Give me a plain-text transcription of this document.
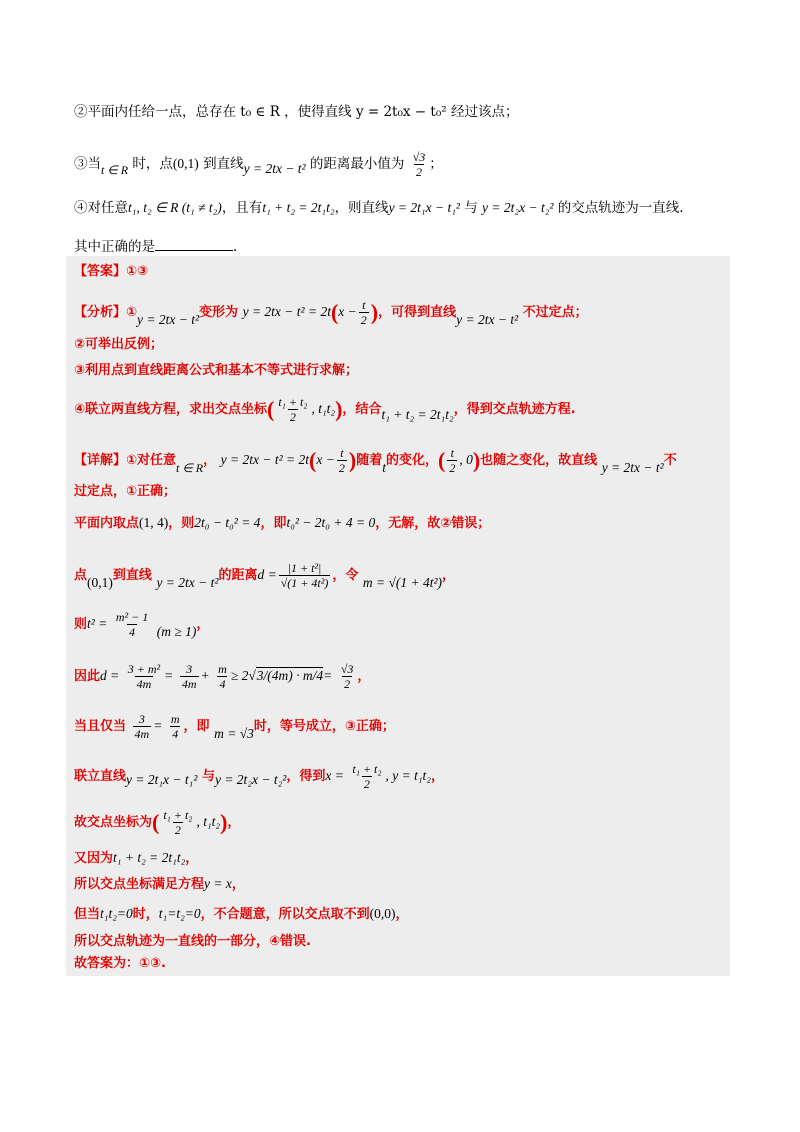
②平面内任给一点，总存在 t₀ ∈ R ，使得直线 y = 2t₀x − t₀² 经过该点；
③当t ∈ R 时，点(0,1) 到直线y = 2tx − t² 的距离最小值为 $\frac{√3}{2}$ ；
④对任意t₁, t₂ ∈ R (t₁ ≠ t₂)，且有t₁ + t₂ = 2t₁t₂，则直线y = 2t₁x − t₁² 与 y = 2t₂x − t₂² 的交点轨迹为一直线.
其中正确的是	.
【答案】①③
【分析】①y = 2tx − t²变形为 $y = 2tx - t^2 = 2t(x - \frac{t}{2}$ )，可得到直线y = 2tx − t² 不过定点；
②可举出反例；
③利用点到直线距离公式和基本不等式进行求解；
④联立两直线方程，求出交点坐标( $\frac{\text{t₁ + t₂}}{2}$ , t₁t₂)，结合t₁ + t₂ = 2t₁t₂，得到交点轨迹方程.
【详解】①对任意t ∈ R， $y = 2tx - t^2 = 2t(x - \frac{t}{2}$ )随着t的变化，( $\frac{t}{2}$ , 0)也随之变化，故直线 y = 2tx − t²不
过定点，①正确；
平面内取点(1, 4)，则2t₀ − t₀² = 4，即t₀² − 2t₀ + 4 = 0，无解，故②错误；
点(0,1)到直线 y = 2tx − t²的距离$d = \frac{\text{|1 + t²|}}{\text{√(1 + 4t²)}}$ ，令 m = √(1 + 4t²)，
则$t^2 = \frac{\text{m² − 1}}{4} (m \ge 1)$，
因此$d = \frac{\text{3 + m²}}{4m} = \frac{3}{4m} + \frac{m}{4} \ge 2√3/(4m) \cdot m/4= \frac{√3}{2}$ ，
当且仅当 $\frac{3}{4m} = \frac{m}{4}$ ，即 m = √3时，等号成立，③正确；
联立直线y = 2t₁x − t₁² 与y = 2t₂x − t₂²，得到$x = \frac{\text{t₁ + t₂}}{2}$ , y = t₁t₂，
故交点坐标为( $\frac{\text{t₁ + t₂}}{2}$ , t₁t₂)，
又因为t₁ + t₂ = 2t₁t₂，
所以交点坐标满足方程y = x，
但当t₁t₂=0时，t₁=t₂=0，不合题意，所以交点取不到(0,0)，
所以交点轨迹为一直线的一部分，④错误.
故答案为：①③.
